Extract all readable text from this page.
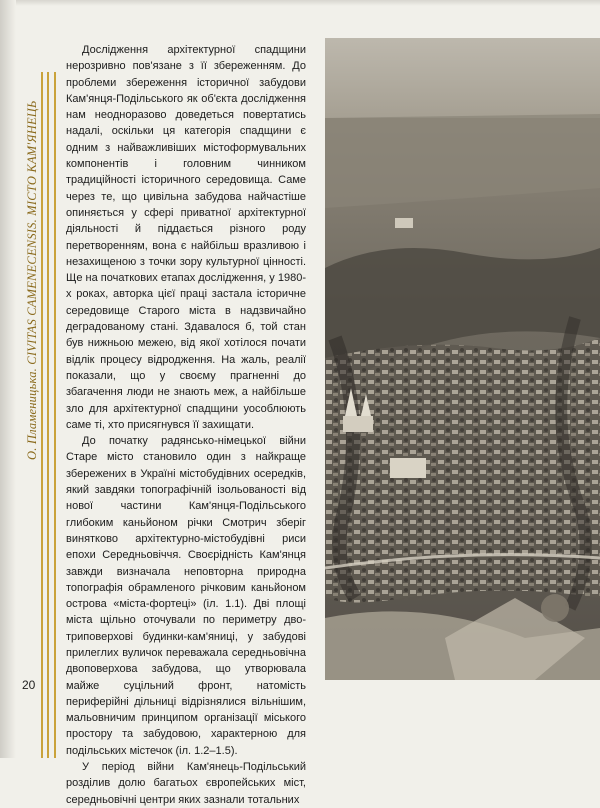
О. Пламеницька. CIVITAS CAMENECENSIS. МІСТО КАМ'ЯНЕЦЬ
20

Дослідження архітектурної спадщини нерозривно пов'язане з її збереженням. До проблеми збереження історичної забудови Кам'янця-Подільського як об'єкта дослідження нам неодноразово доведеться повертатись надалі, оскільки ця категорія спадщини є одним з найважливіших містоформувальних компонентів і головним чинником традиційності історичного середовища. Саме через те, що цивільна забудова найчастіше опиняється у сфері приватної архітектурної діяльності й піддається різного роду перетворенням, вона є найбільш вразливою і незахищеною з точки зору культурної цінності. Ще на початкових етапах дослідження, у 1980-х роках, авторка цієї праці застала історичне середовище Старого міста в надзвичайно деградованому стані. Здавалося б, той стан був нижньою межею, від якої хотілося почати відлік процесу відродження. На жаль, реалії показали, що у своєму прагненні до збагачення люди не знають меж, а найбільше зло для архітектурної спадщини уособлюють саме ті, хто присягнувся її захищати.

До початку радянсько-німецької війни Старе місто становило один з найкраще збережених в Україні містобудівних осередків, який завдяки топографічній ізольованості від нової частини Кам'янця-Подільського глибоким каньйоном річки Смотрич зберіг винятково архітектурно-містобудівні риси епохи Середньовіччя. Своєрідність Кам'янця завжди визначала неповторна природна топографія обрамленого річковим каньйоном острова «міста-фортеці» (іл. 1.1). Дві площі міста щільно оточували по периметру дво-триповерхові будинки-кам'яниці, у забудові прилеглих вуличок переважала середньовічна двоповерхова забудова, що утворювала майже суцільний фронт, натомість периферійні дільниці відрізнялися вільнішим, мальовничим принципом організації міського простору та забудовою, характерною для подільських містечок (іл. 1.2–1.5).

У період війни Кам'янець-Подільський розділив долю багатьох європейських міст, середньовічні центри яких зазнали тотальних
